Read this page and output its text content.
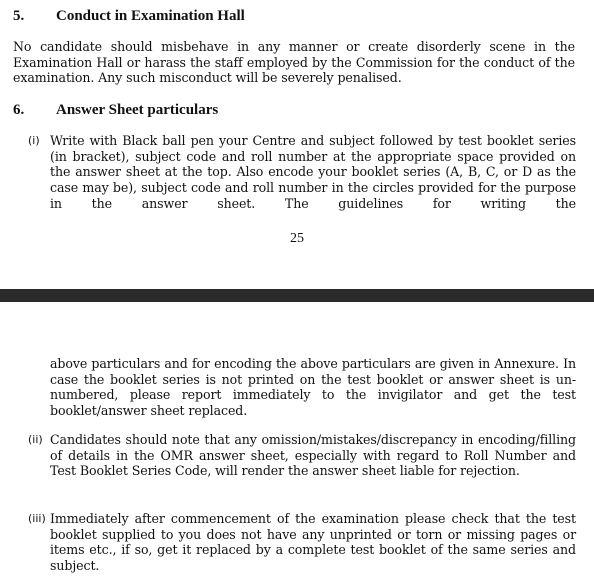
5. Conduct in Examination Hall
No candidate should misbehave in any manner or create disorderly scene in the Examination Hall or harass the staff employed by the Commission for the conduct of the examination. Any such misconduct will be severely penalised.
6. Answer Sheet particulars
(i) Write with Black ball pen your Centre and subject followed by test booklet series (in bracket), subject code and roll number at the appropriate space provided on the answer sheet at the top. Also encode your booklet series (A, B, C, or D as the case may be), subject code and roll number in the circles provided for the purpose in the answer sheet. The guidelines for writing the
25
above particulars and for encoding the above particulars are given in Annexure. In case the booklet series is not printed on the test booklet or answer sheet is un-numbered, please report immediately to the invigilator and get the test booklet/answer sheet replaced.
(ii) Candidates should note that any omission/mistakes/discrepancy in encoding/filling of details in the OMR answer sheet, especially with regard to Roll Number and Test Booklet Series Code, will render the answer sheet liable for rejection.
(iii) Immediately after commencement of the examination please check that the test booklet supplied to you does not have any unprinted or torn or missing pages or items etc., if so, get it replaced by a complete test booklet of the same series and subject.
